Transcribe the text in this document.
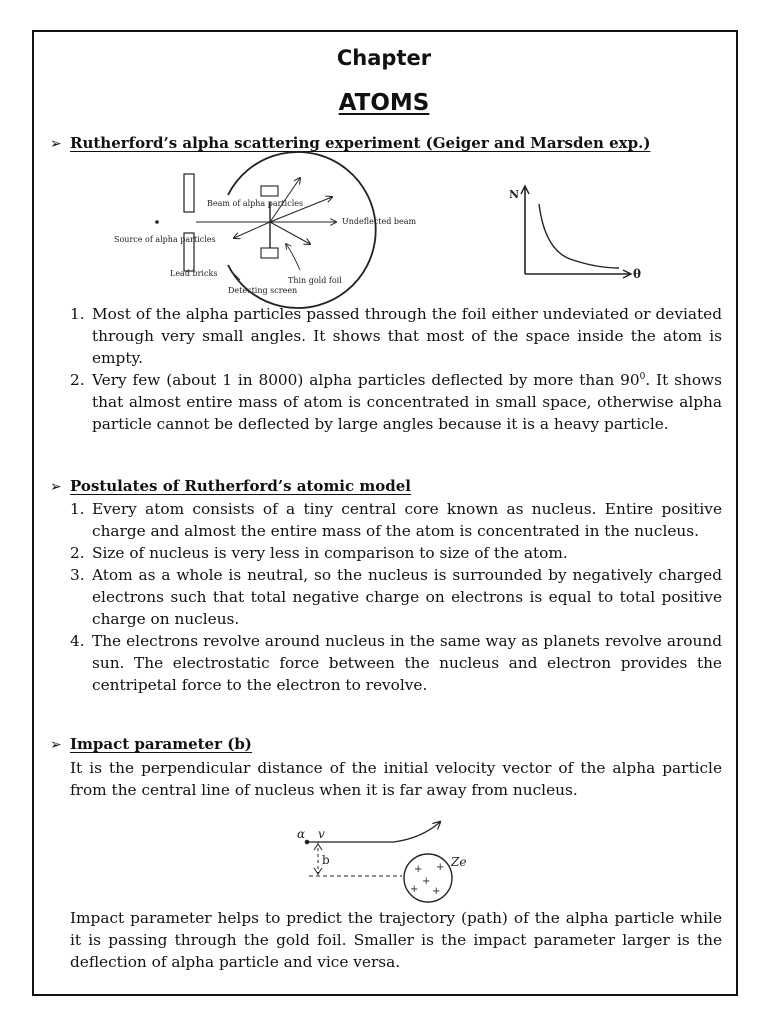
Chapter
ATOMS
➢ Rutherford’s alpha scattering experiment (Geiger and Marsden exp.)
Beam of alpha particles
Source of alpha particles
Undeflected beam
Lead bricks
Thin gold foil
Detecting screen
N
θ
1. Most of the alpha particles passed through the foil either undeviated or deviated through very small angles. It shows that most of the space inside the atom is empty.
2. Very few (about 1 in 8000) alpha particles deflected by more than $90^0$. It shows that almost entire mass of atom is concentrated in small space, otherwise alpha particle cannot be deflected by large angles because it is a heavy particle.
➢ Postulates of Rutherford’s atomic model
1. Every atom consists of a tiny central core known as nucleus. Entire positive charge and almost the entire mass of the atom is concentrated in the nucleus.
2. Size of nucleus is very less in comparison to size of the atom.
3. Atom as a whole is neutral, so the nucleus is surrounded by negatively charged electrons such that total negative charge on electrons is equal to total positive charge on nucleus.
4. The electrons revolve around nucleus in the same way as planets revolve around sun. The electrostatic force between the nucleus and electron provides the centripetal force to the electron to revolve.
➢ Impact parameter (b)

It is the perpendicular distance of the initial velocity vector of the alpha particle from the central line of nucleus when it is far away from nucleus.

α v
b	Ze
+ +
+
+ +

Impact parameter helps to predict the trajectory (path) of the alpha particle while it is passing through the gold foil. Smaller is the impact parameter larger is the deflection of alpha particle and vice versa.
